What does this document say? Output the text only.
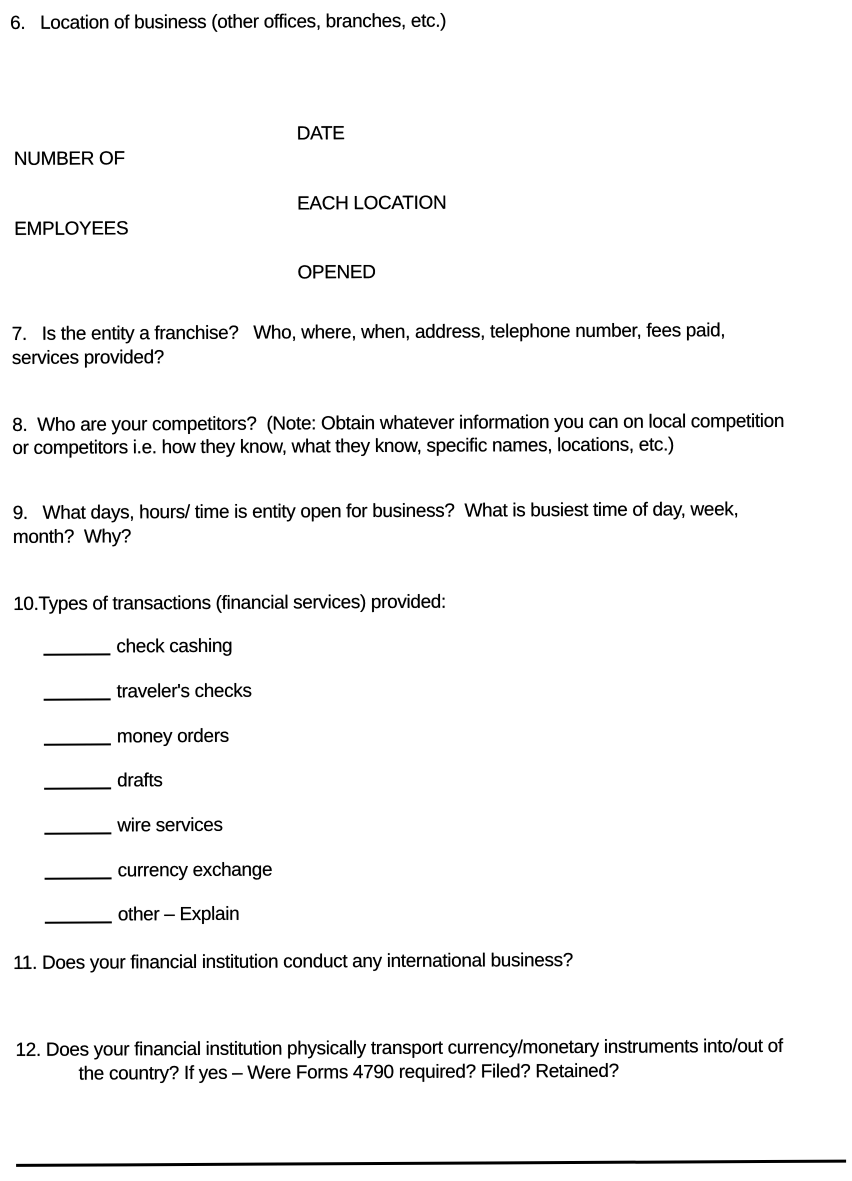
6.   Location of business (other offices, branches, etc.)

NUMBER OF

EMPLOYEES

DATE

EACH LOCATION

OPENED

7.   Is the entity a franchise?   Who, where, when, address, telephone number, fees paid,
services provided?
8.  Who are your competitors?  (Note: Obtain whatever information you can on local competition
or competitors i.e. how they know, what they know, specific names, locations, etc.)
9.   What days, hours/ time is entity open for business?  What is busiest time of day, week,
month?  Why?
10.Types of transactions (financial services) provided:
check cashing
traveler's checks
money orders
drafts
wire services
currency exchange
other – Explain
11. Does your financial institution conduct any international business?
12. Does your financial institution physically transport currency/monetary instruments into/out of
the country? If yes – Were Forms 4790 required? Filed? Retained?
